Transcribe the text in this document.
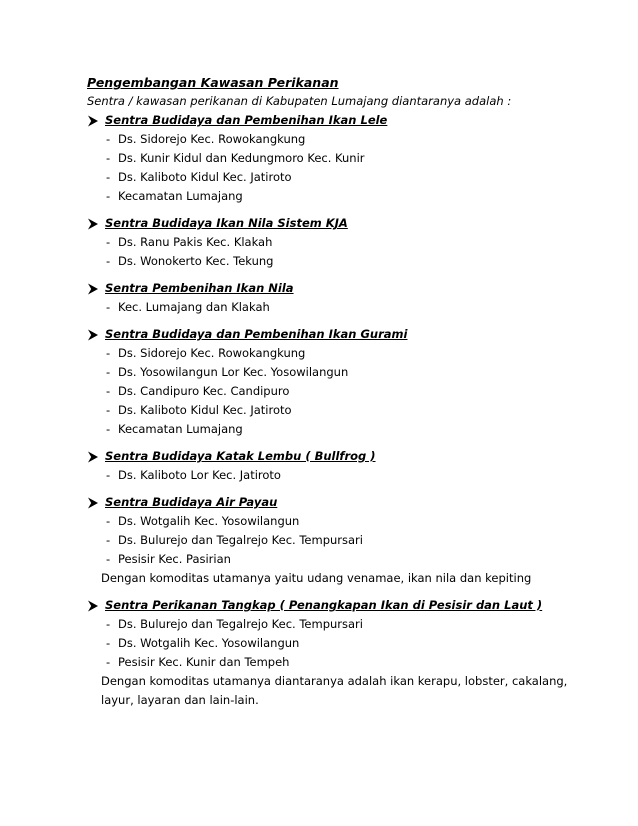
Pengembangan Kawasan Perikanan

Sentra / kawasan perikanan di Kabupaten Lumajang diantaranya adalah :

Sentra Budidaya dan Pembenihan Ikan Lele
- Ds. Sidorejo Kec. Rowokangkung
- Ds. Kunir Kidul dan Kedungmoro Kec. Kunir
- Ds. Kaliboto Kidul Kec. Jatiroto
- Kecamatan Lumajang
Sentra Budidaya Ikan Nila Sistem KJA
- Ds. Ranu Pakis Kec. Klakah
- Ds. Wonokerto Kec. Tekung
Sentra Pembenihan Ikan Nila
- Kec. Lumajang dan Klakah
Sentra Budidaya dan Pembenihan Ikan Gurami
- Ds. Sidorejo Kec. Rowokangkung
- Ds. Yosowilangun Lor Kec. Yosowilangun
- Ds. Candipuro Kec. Candipuro
- Ds. Kaliboto Kidul Kec. Jatiroto
- Kecamatan Lumajang
Sentra Budidaya Katak Lembu ( Bullfrog )
- Ds. Kaliboto Lor Kec. Jatiroto
Sentra Budidaya Air Payau
- Ds. Wotgalih Kec. Yosowilangun
- Ds. Bulurejo dan Tegalrejo Kec. Tempursari
- Pesisir Kec. Pasirian

Dengan komoditas utamanya yaitu udang venamae, ikan nila dan kepiting

Sentra Perikanan Tangkap ( Penangkapan Ikan di Pesisir dan Laut )
- Ds. Bulurejo dan Tegalrejo Kec. Tempursari
- Ds. Wotgalih Kec. Yosowilangun
- Pesisir Kec. Kunir dan Tempeh

Dengan komoditas utamanya diantaranya adalah ikan kerapu, lobster, cakalang,

layur, layaran dan lain-lain.
